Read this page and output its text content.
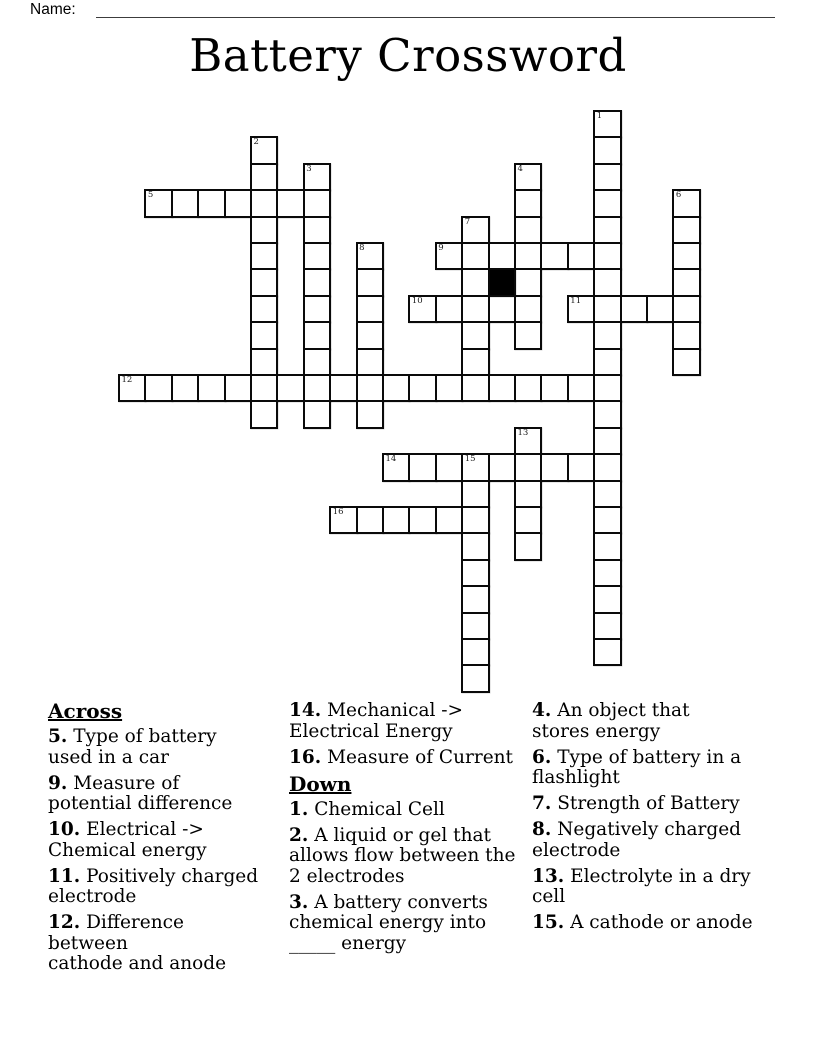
Name:
Battery Crossword
1
2
3	4
5	6
7
8	9
10	11
12
13
14	15
16
Across
5. Type of battery
used in a car
9. Measure of
potential difference
10. Electrical ->
Chemical energy
11. Positively charged
electrode
12. Difference between
cathode and anode
14. Mechanical ->
Electrical Energy
16. Measure of Current
Down
1. Chemical Cell
2. A liquid or gel that
allows flow between the
2 electrodes
3. A battery converts
chemical energy into
_____ energy
4. An object that
stores energy
6. Type of battery in a
flashlight
7. Strength of Battery
8. Negatively charged
electrode
13. Electrolyte in a dry
cell
15. A cathode or anode
